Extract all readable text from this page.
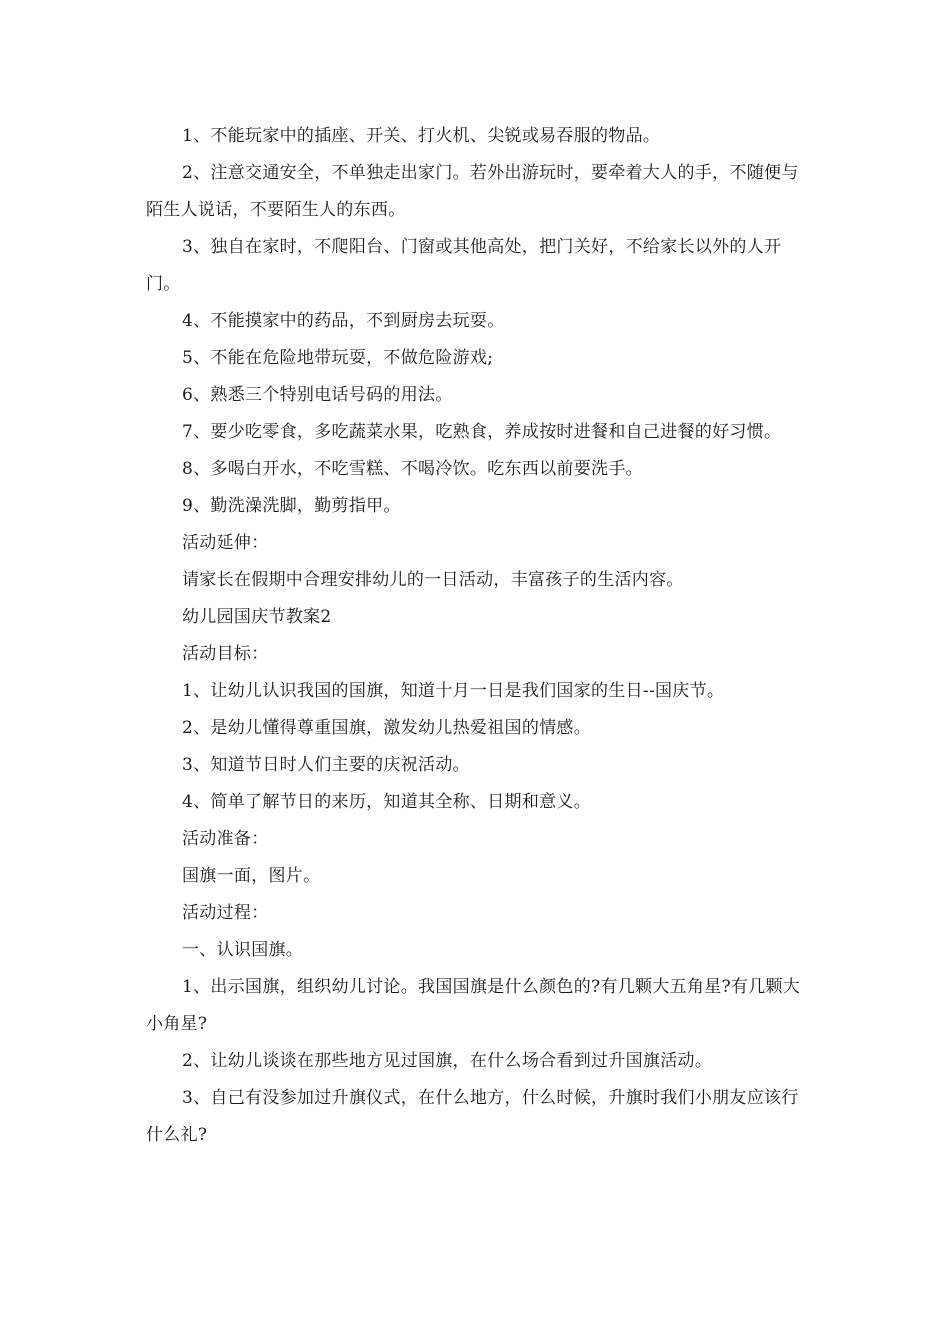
1、不能玩家中的插座、开关、打火机、尖锐或易吞服的物品。

2、注意交通安全，不单独走出家门。若外出游玩时，要牵着大人的手，不随便与陌生人说话，不要陌生人的东西。

3、独自在家时，不爬阳台、门窗或其他高处，把门关好，不给家长以外的人开门。

4、不能摸家中的药品，不到厨房去玩耍。

5、不能在危险地带玩耍，不做危险游戏;

6、熟悉三个特别电话号码的用法。

7、要少吃零食，多吃蔬菜水果，吃熟食，养成按时进餐和自己进餐的好习惯。

8、多喝白开水，不吃雪糕、不喝冷饮。吃东西以前要洗手。

9、勤洗澡洗脚，勤剪指甲。

活动延伸：

请家长在假期中合理安排幼儿的一日活动，丰富孩子的生活内容。

幼儿园国庆节教案2

活动目标：

1、让幼儿认识我国的国旗，知道十月一日是我们国家的生日--国庆节。

2、是幼儿懂得尊重国旗，激发幼儿热爱祖国的情感。

3、知道节日时人们主要的庆祝活动。

4、简单了解节日的来历，知道其全称、日期和意义。

活动准备：

国旗一面，图片。

活动过程：

一、认识国旗。

1、出示国旗，组织幼儿讨论。我国国旗是什么颜色的?有几颗大五角星?有几颗大小角星?

2、让幼儿谈谈在那些地方见过国旗，在什么场合看到过升国旗活动。

3、自己有没参加过升旗仪式，在什么地方，什么时候，升旗时我们小朋友应该行什么礼?
